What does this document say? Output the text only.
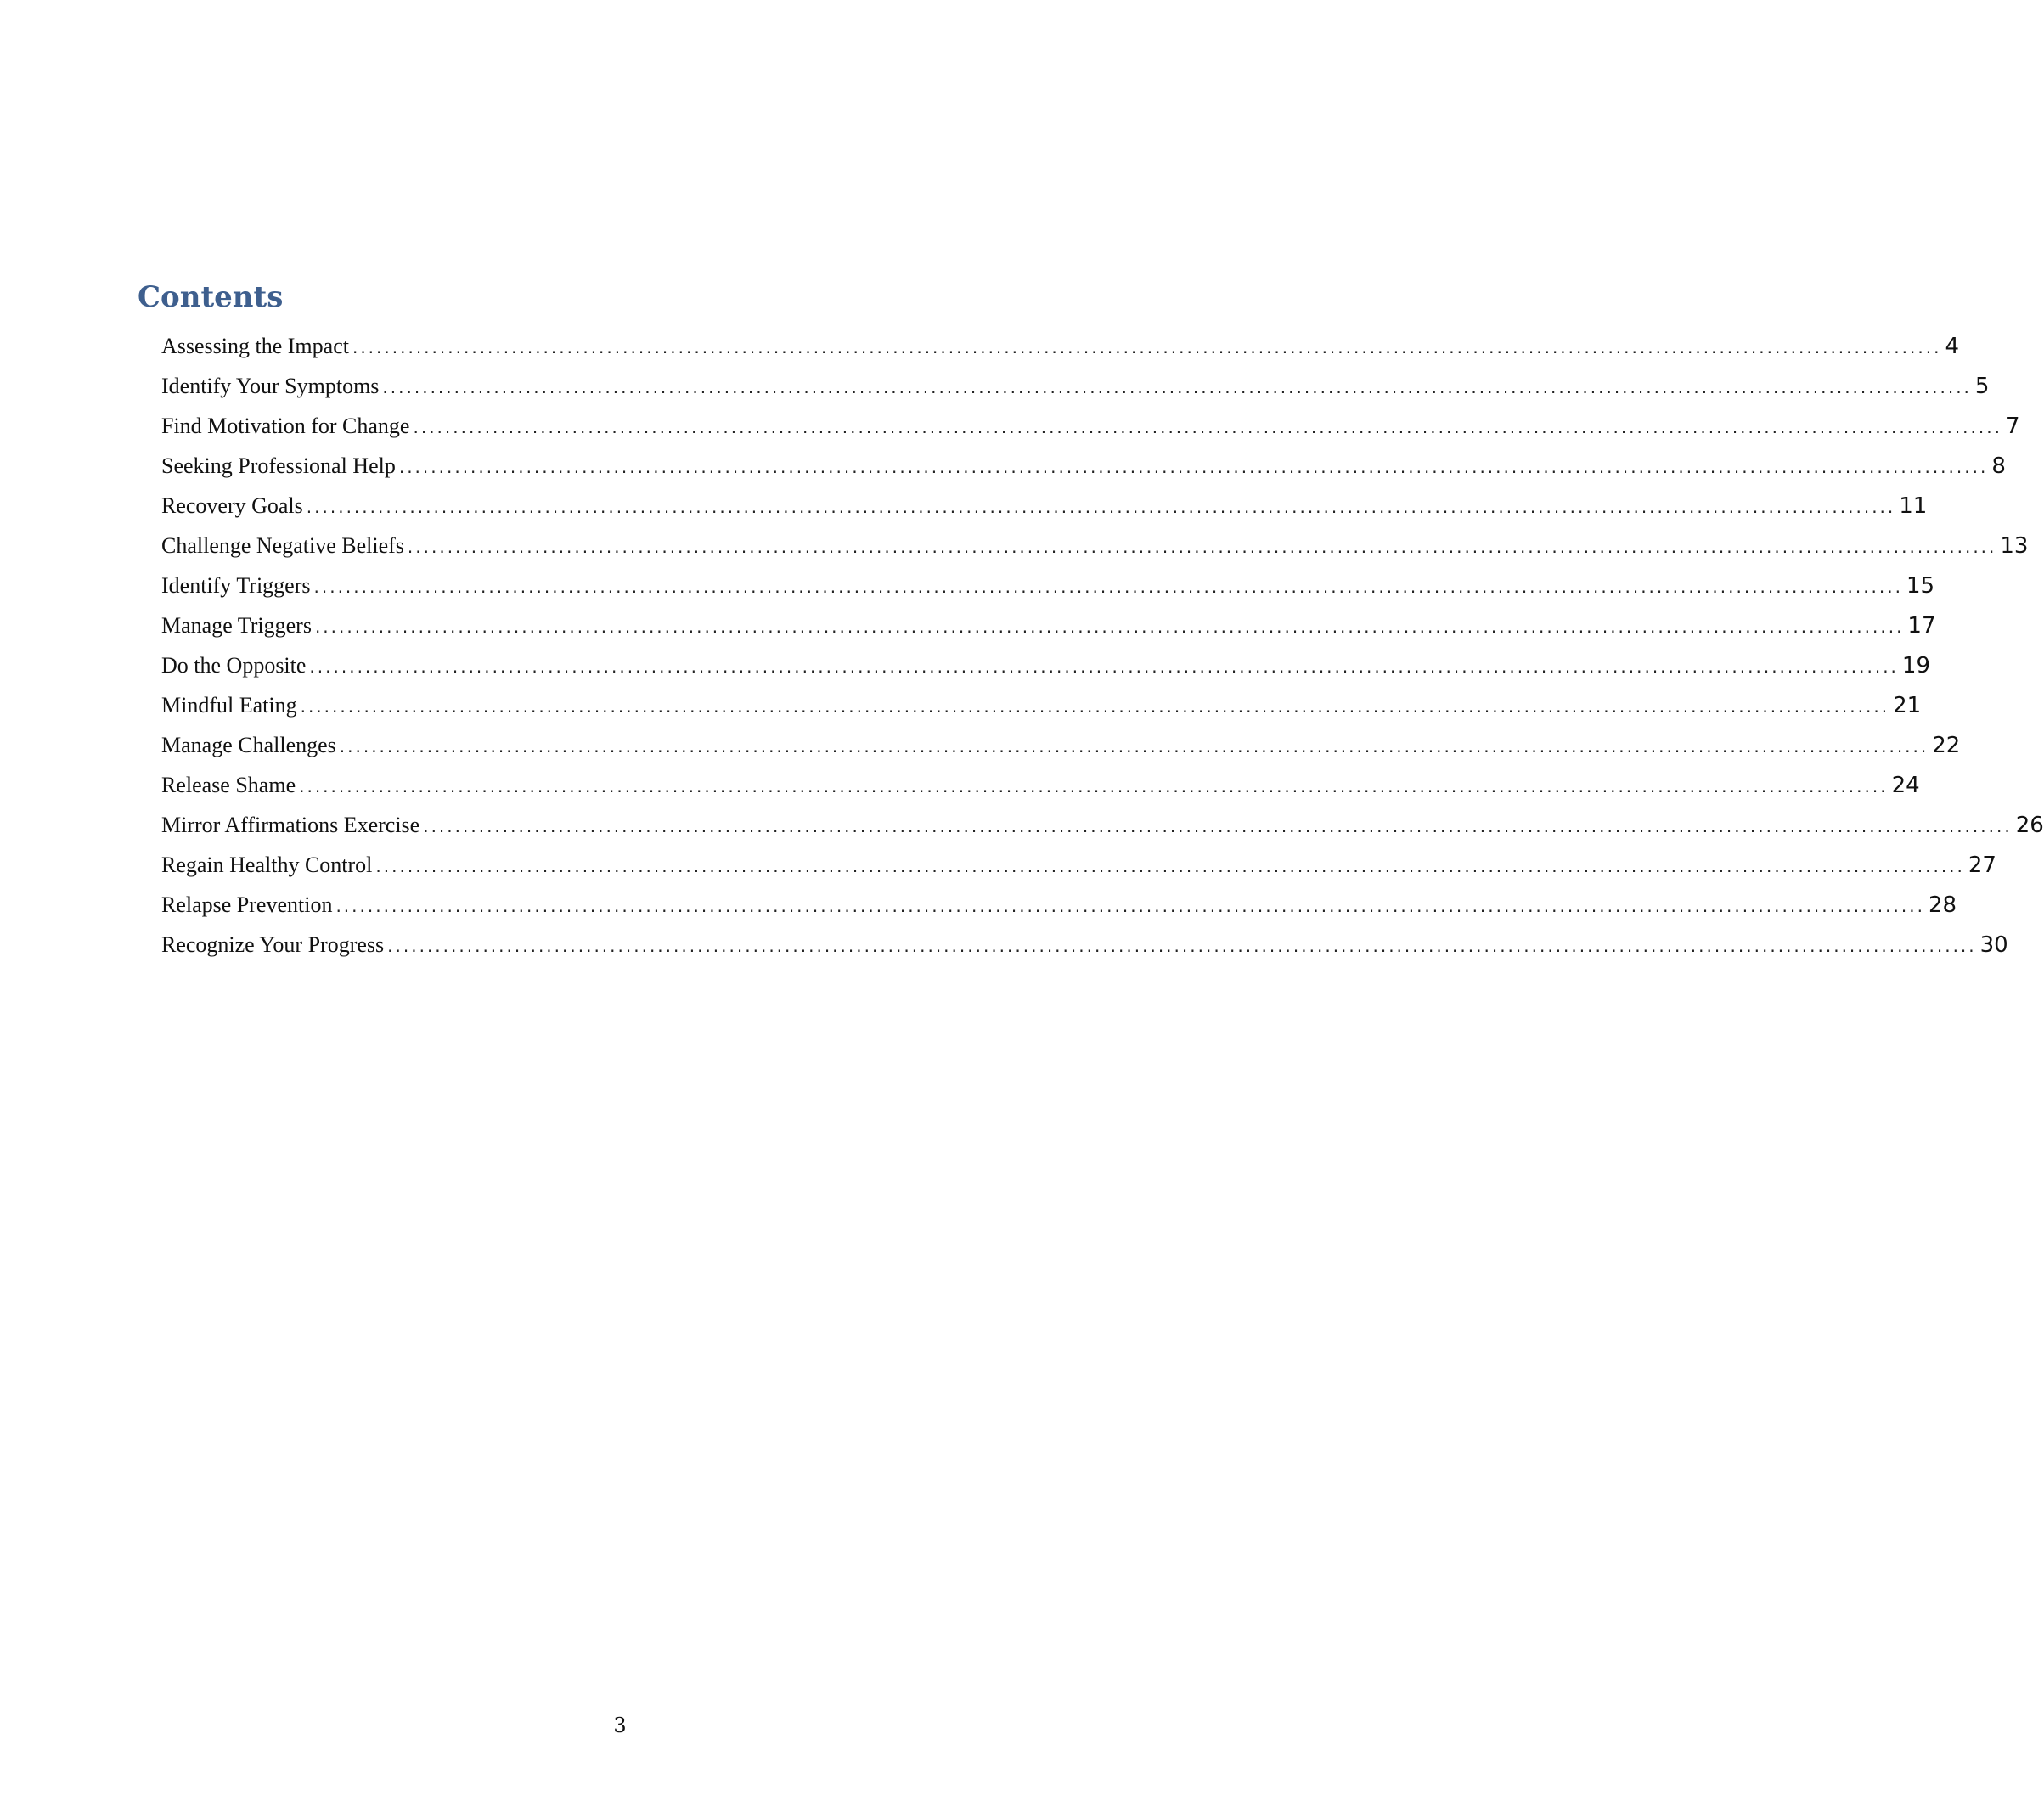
Contents
Assessing the Impact ........................................................................................................................................................................................................ 4
Identify Your Symptoms ........................................................................................................................................................................................................ 5
Find Motivation for Change ........................................................................................................................................................................................................ 7
Seeking Professional Help ........................................................................................................................................................................................................ 8
Recovery Goals ........................................................................................................................................................................................................ 11
Challenge Negative Beliefs ........................................................................................................................................................................................................ 13
Identify Triggers ........................................................................................................................................................................................................ 15
Manage Triggers ........................................................................................................................................................................................................ 17
Do the Opposite ........................................................................................................................................................................................................ 19
Mindful Eating ........................................................................................................................................................................................................ 21
Manage Challenges ........................................................................................................................................................................................................ 22
Release Shame ........................................................................................................................................................................................................ 24
Mirror Affirmations Exercise ........................................................................................................................................................................................................ 26
Regain Healthy Control ........................................................................................................................................................................................................ 27
Relapse Prevention ........................................................................................................................................................................................................ 28
Recognize Your Progress ........................................................................................................................................................................................................ 30
3
